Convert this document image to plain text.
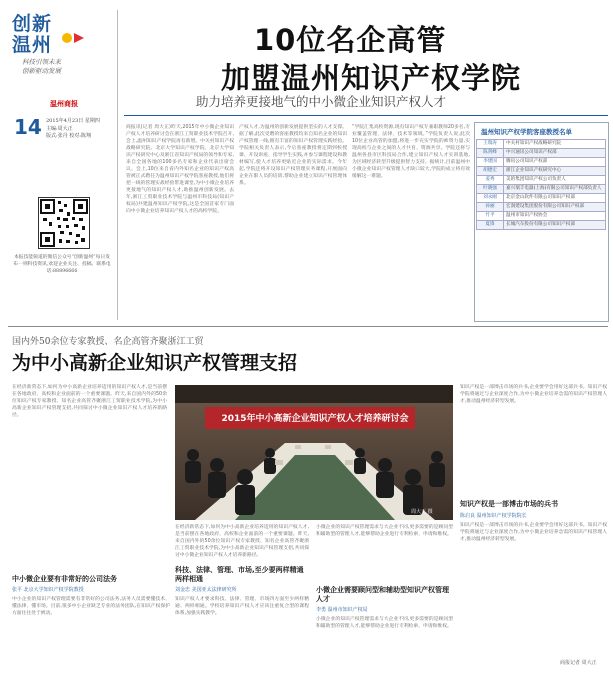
创新
温州
科技引领未来
创新驱动发展
温州商报
14 2015年4月23日 星期四
主编:周大正
版式:张丹 校对:陈翔
本报技能频道的微信公众号“创新温州”每日发布一则科技资讯,欢迎企业关注、投稿。联系电话:88896666
10位名企高管
加盟温州知识产权学院
助力培养更接地气的中小微企业知识产权人才
商报讯(记者 周大正)昨天,2015年中小微企业知识产权人才培养研讨会在浙江工贸职业技术学院召开,会上,温州知识产权学院再有新增。中关村知识产权战略研究院、北京大学知识产权学院、北京大学知识产权研究中心及浙江省知识产权局的领导和专家,来自全国各地的100多名专家和企业代表出席会议。会上,10位来自省内外知名企业的知识产权高管被正式聘任为温州知识产权学院客座教授,他们将把一线的管理实战经验带进课堂,为中小微企业培养更接地气的知识产权人才,助推温州创新发展。去年,浙江工贸职业技术学院与温州市科技局(知识产权局)共建温州知识产权学院,这是全国首家专门面向中小微企业培养知识产权人才的高校学院。
产权人才,为温州的创新发展提供坚实的人才支撑。据了解,此次受聘的客座教授均来自知名企业的知识产权管理一线,拥有丰富的知识产权管理实践经验。学院相关负责人表示,今后客座教授将定期到校授课、开设讲座、指导学生实践,并参与课程建设和教材编写,使人才培养更贴近企业的实际需求。今年起,学院还将开设知识产权管理实务课程,开展面向企业在职人员的培训,帮助企业建立知识产权管理体系。
“学院汇集高校资源,现有知识产权专兼职教师20多名,专业覆盖管理、法律、技术等领域。”学院负责人说,此次10位企业高管的加盟,将进一步充实学院的师资力量,实现高校与企业之间的人才共育、资源共享。学院还将与温州各县市区科技局合作,建立知识产权人才实训基地,为区域经济转型升级提供智力支持。据统计,目前温州中小微企业知识产权管理人才缺口较大,学院的成立将有效缓解这一难题。
温州知识产权学院客座教授名单
王瑞涛	中关村知识产权战略研究院
陈剑峰	中兴通讯公司知识产权部
李建国	腾讯公司知识产权部
胡德宏	浙江企业知识产权研究中心
姜秀	美的集团知识产权公司负责人
叶晓强	嘉兴瑞丰电器(上海)有限公司知识产权部负责人
刘永刚	北京金山软件有限公司知识产权部
孙丽	宏润建设集团股份有限公司知识产权部
竹平	温州市知识产权协会
夏锋	长城汽车股份有限公司知识产权部
国内外50余位专家教授、名企高管齐聚浙江工贸
为中小高新企业知识产权管理支招
在经济新常态下,如何为中小高新企业培养适用的知识产权人才,是当前摆在各地政府、高校和企业面前的一个重要课题。昨天,来自国内外的50余位知识产权专家教授、知名企业高管齐聚浙江工贸职业技术学院,为中小高新企业知识产权管理支招,共同探讨中小微企业知识产权人才培养新路径。
中小微企业要有非常好的公司法务
张平 北京大学知识产权学院教授
中小企业的知识产权管理需要有非常好的公司法务,法务人员需要懂技术、懂法律、懂市场。目前,很多中小企业缺乏专业的法务团队,在知识产权保护方面往往处于被动。
2015年中小高新企业知识产权人才培养研讨会
周大正 摄
在经济新常态下,如何为中小高新企业培养适用的知识产权人才,是当前摆在各地政府、高校和企业面前的一个重要课题。昨天,来自国内外的50余位知识产权专家教授、知名企业高管齐聚浙江工贸职业技术学院,为中小高新企业知识产权管理支招,共同探讨中小微企业知识产权人才培养新路径。
科技、法律、管理、市场,至少要两样精通两样相通
刘金忠 美国亚太法律研究所
知识产权人才要求科技、法律、管理、市场四方面至少两样精通、两样相通。学校培养知识产权人才应该注重复合型的课程体系,加强实践教学。
小微企业的知识产权管理需求与大企业不同,更多需要的是顾问型和辅助型的管理人才,能够帮助企业进行专利检索、申请和维权。
小微企业需要顾问型和辅助型知识产权管理人才
李勇 温州市知识产权局
小微企业的知识产权管理需求与大企业不同,更多需要的是顾问型和辅助型的管理人才,能够帮助企业进行专利检索、申请和维权。
知识产权是一部博击市场的兵书,企业要学会用好这部兵书。知识产权学院将通过与企业深度合作,为中小微企业培养急需的知识产权管理人才,推动温州经济转型发展。
知识产权是一部博击市场的兵书
陈启良 温州知识产权学院院长
知识产权是一部博击市场的兵书,企业要学会用好这部兵书。知识产权学院将通过与企业深度合作,为中小微企业培养急需的知识产权管理人才,推动温州经济转型发展。
商报记者 周大正
